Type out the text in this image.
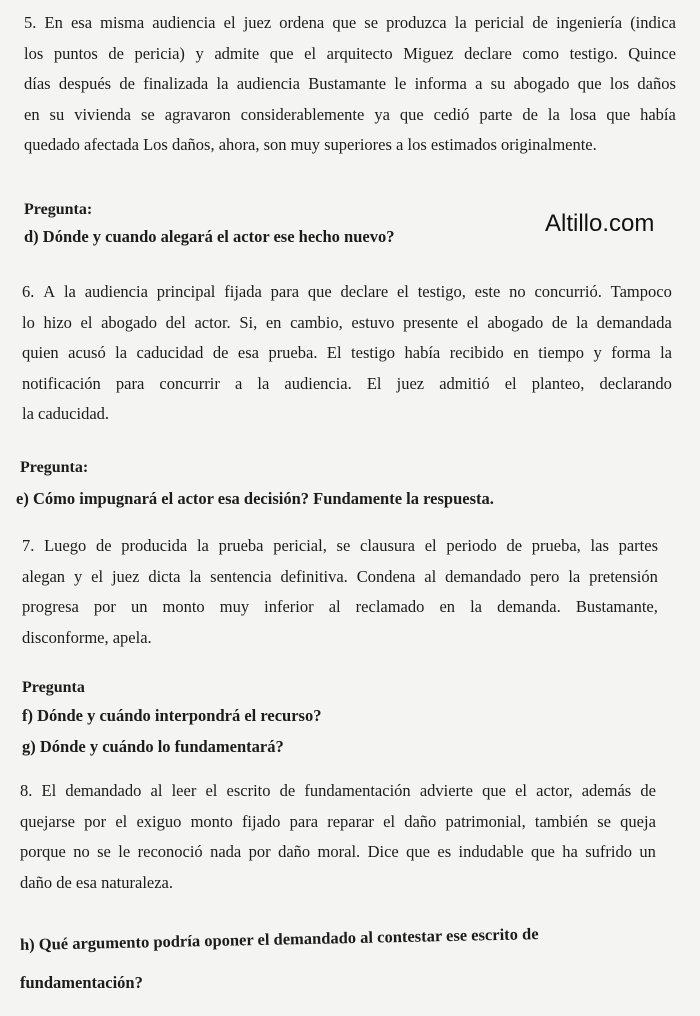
Altillo.com
5. En esa misma audiencia el juez ordena que se produzca la pericial de ingeniería (indica
los puntos de pericia) y admite que el arquitecto Miguez declare como testigo. Quince
días después de finalizada la audiencia Bustamante le informa a su abogado que los daños
en su vivienda se agravaron considerablemente ya que cedió parte de la losa que había
quedado afectada Los daños, ahora, son muy superiores a los estimados originalmente.
Pregunta:
d) Dónde y cuando alegará el actor ese hecho nuevo?
6. A la audiencia principal fijada para que declare el testigo, este no concurrió. Tampoco
lo hizo el abogado del actor. Si, en cambio, estuvo presente el abogado de la demandada
quien acusó la caducidad de esa prueba. El testigo había recibido en tiempo y forma la
notificación para concurrir a la audiencia. El juez admitió el planteo, declarando
la caducidad.
Pregunta:
e) Cómo impugnará el actor esa decisión? Fundamente la respuesta.
7. Luego de producida la prueba pericial, se clausura el periodo de prueba, las partes
alegan y el juez dicta la sentencia definitiva. Condena al demandado pero la pretensión
progresa por un monto muy inferior al reclamado en la demanda. Bustamante,
disconforme, apela.
Pregunta
f) Dónde y cuándo interpondrá el recurso?
g) Dónde y cuándo lo fundamentará?
8. El demandado al leer el escrito de fundamentación advierte que el actor, además de
quejarse por el exiguo monto fijado para reparar el daño patrimonial, también se queja
porque no se le reconoció nada por daño moral. Dice que es indudable que ha sufrido un
daño de esa naturaleza.
h) Qué argumento podría oponer el demandado al contestar ese escrito de
fundamentación?
